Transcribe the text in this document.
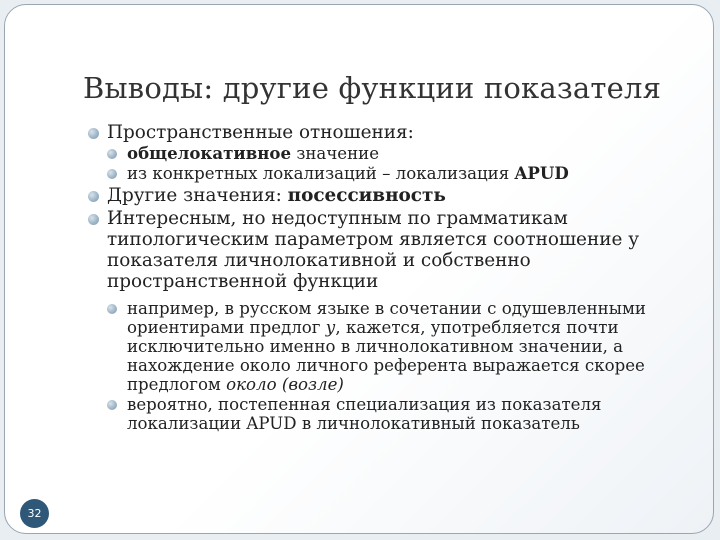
Выводы: другие функции показателя
Пространственные отношения:
общелокативное значение
из конкретных локализаций – локализация APUD
Другие значения: посессивность
Интересным, но недоступным по грамматикам типологическим параметром является соотношение у показателя личнолокативной и собственно пространственной функции
например, в русском языке в сочетании с одушевленными ориентирами предлог у, кажется, употребляется почти исключительно именно в личнолокативном значении, а нахождение около личного референта выражается скорее предлогом около (возле)
вероятно, постепенная специализация из показателя локализации APUD в личнолокативный показатель
32
